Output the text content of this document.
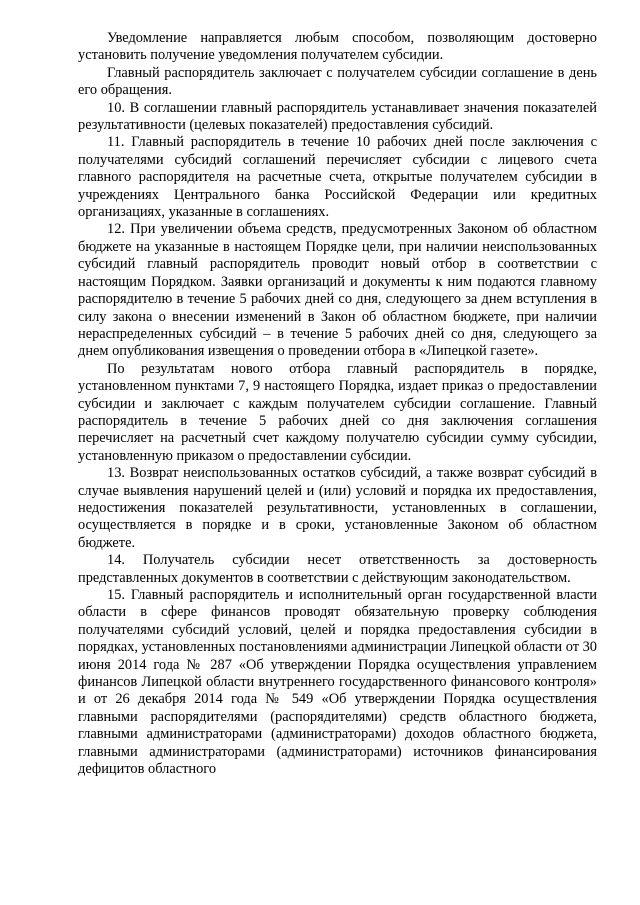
Уведомление направляется любым способом, позволяющим достоверно установить получение уведомления получателем субсидии.

Главный распорядитель заключает с получателем субсидии соглашение в день его обращения.

10. В соглашении главный распорядитель устанавливает значения показателей результативности (целевых показателей) предоставления субсидий.

11. Главный распорядитель в течение 10 рабочих дней после заключения с получателями субсидий соглашений перечисляет субсидии с лицевого счета главного распорядителя на расчетные счета, открытые получателем субсидии в учреждениях Центрального банка Российской Федерации или кредитных организациях, указанные в соглашениях.

12. При увеличении объема средств, предусмотренных Законом об областном бюджете на указанные в настоящем Порядке цели, при наличии неиспользованных субсидий главный распорядитель проводит новый отбор в соответствии с настоящим Порядком. Заявки организаций и документы к ним подаются главному распорядителю в течение 5 рабочих дней со дня, следующего за днем вступления в силу закона о внесении изменений в Закон об областном бюджете, при наличии нераспределенных субсидий – в течение 5 рабочих дней со дня, следующего за днем опубликования извещения о проведении отбора в «Липецкой газете».

По результатам нового отбора главный распорядитель в порядке, установленном пунктами 7, 9 настоящего Порядка, издает приказ о предоставлении субсидии и заключает с каждым получателем субсидии соглашение. Главный распорядитель в течение 5 рабочих дней со дня заключения соглашения перечисляет на расчетный счет каждому получателю субсидии сумму субсидии, установленную приказом о предоставлении субсидии.

13. Возврат неиспользованных остатков субсидий, а также возврат субсидий в случае выявления нарушений целей и (или) условий и порядка их предоставления, недостижения показателей результативности, установленных в соглашении, осуществляется в порядке и в сроки, установленные Законом об областном бюджете.

14. Получатель субсидии несет ответственность за достоверность представленных документов в соответствии с действующим законодательством.

15. Главный распорядитель и исполнительный орган государственной власти области в сфере финансов проводят обязательную проверку соблюдения получателями субсидий условий, целей и порядка предоставления субсидии в порядках, установленных постановлениями администрации Липецкой области от 30 июня 2014 года № 287 «Об утверждении Порядка осуществления управлением финансов Липецкой области внутреннего государственного финансового контроля» и от 26 декабря 2014 года № 549 «Об утверждении Порядка осуществления главными распорядителями (распорядителями) средств областного бюджета, главными администраторами (администраторами) доходов областного бюджета, главными администраторами (администраторами) источников финансирования дефицитов областного
